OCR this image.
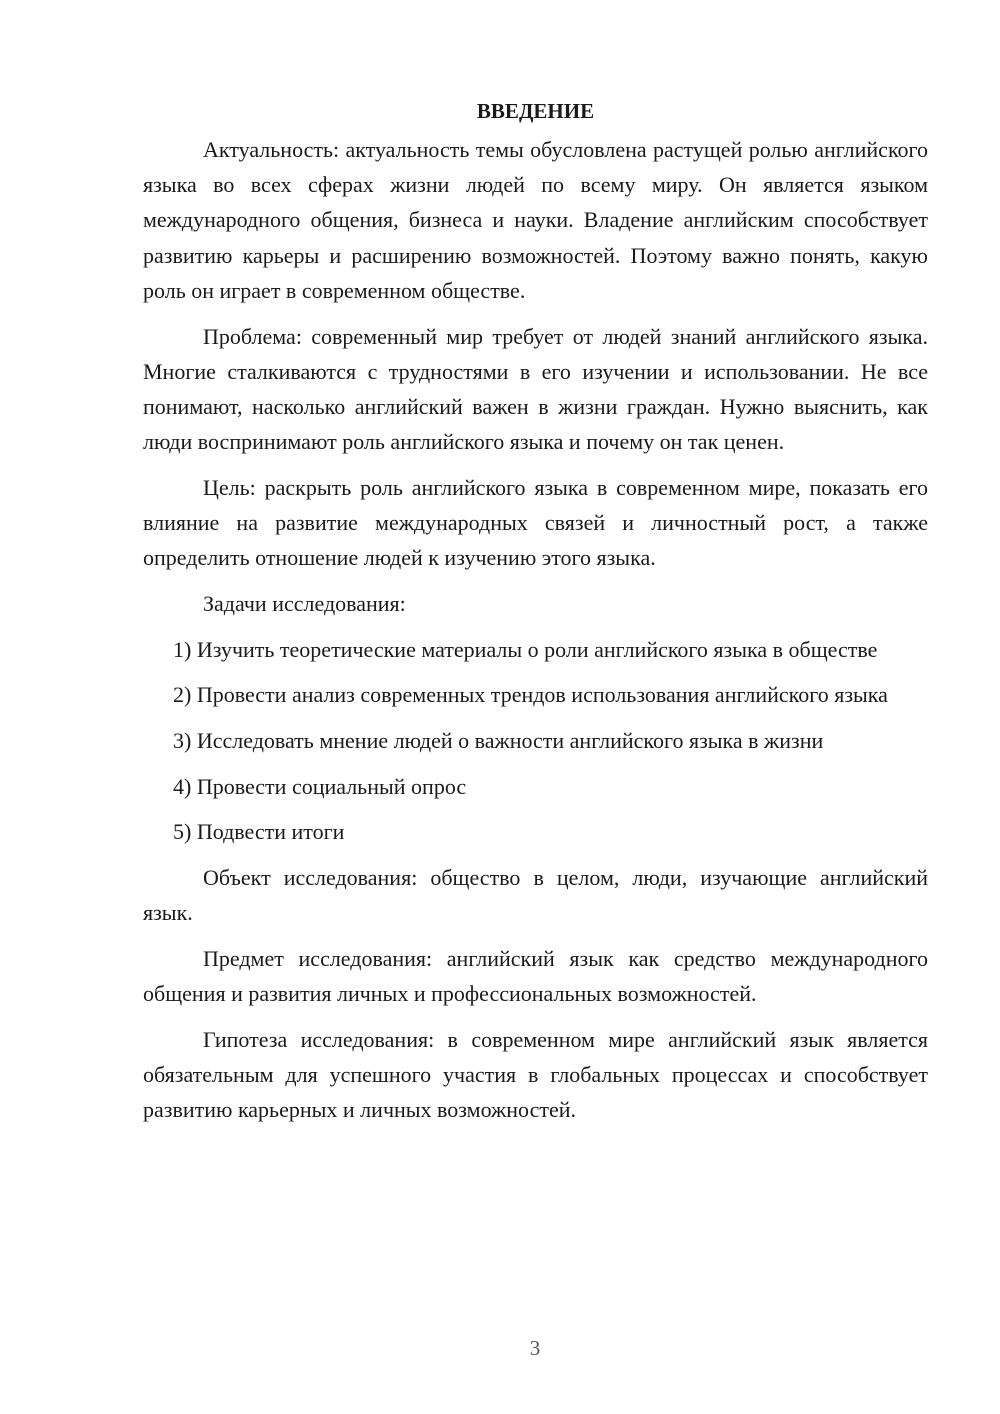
ВВЕДЕНИЕ

Актуальность: актуальность темы обусловлена растущей ролью английского языка во всех сферах жизни людей по всему миру. Он является языком международного общения, бизнеса и науки. Владение английским способствует развитию карьеры и расширению возможностей. Поэтому важно понять, какую роль он играет в современном обществе.

Проблема: современный мир требует от людей знаний английского языка. Многие сталкиваются с трудностями в его изучении и использовании. Не все понимают, насколько английский важен в жизни граждан. Нужно выяснить, как люди воспринимают роль английского языка и почему он так ценен.

Цель: раскрыть роль английского языка в современном мире, показать его влияние на развитие международных связей и личностный рост, а также определить отношение людей к изучению этого языка.

Задачи исследования:

1) Изучить теоретические материалы о роли английского языка в обществе

2) Провести анализ современных трендов использования английского языка

3) Исследовать мнение людей о важности английского языка в жизни

4) Провести социальный опрос

5) Подвести итоги

Объект исследования: общество в целом, люди, изучающие английский язык.

Предмет исследования: английский язык как средство международного общения и развития личных и профессиональных возможностей.

Гипотеза исследования: в современном мире английский язык является обязательным для успешного участия в глобальных процессах и способствует развитию карьерных и личных возможностей.

3
